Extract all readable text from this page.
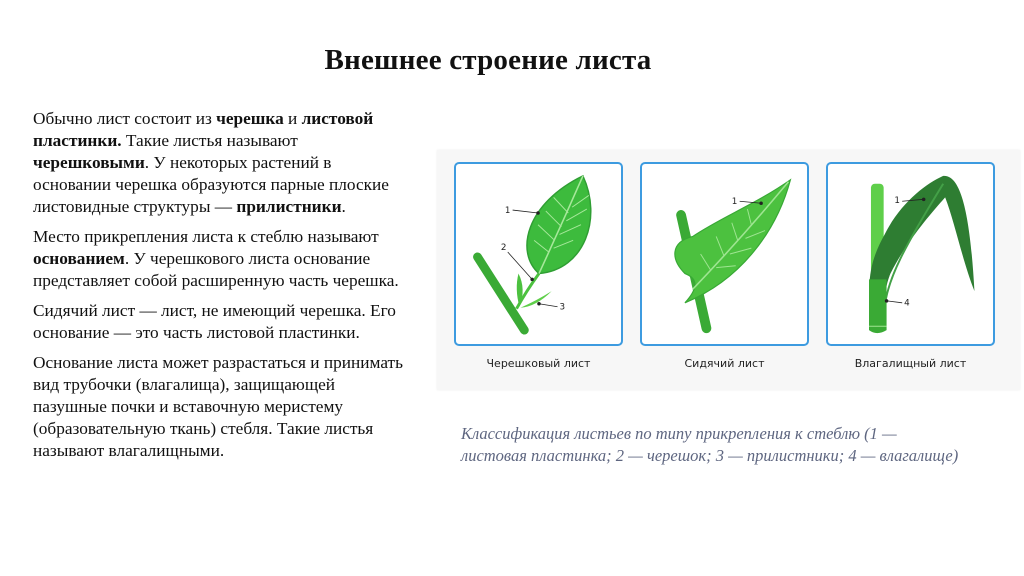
Внешнее строение листа

Обычно лист состоит из черешка и листовой пластинки. Такие листья называют черешковыми. У некоторых растений в основании черешка образуются парные плоские листовидные структуры — прилистники.

Место прикрепления листа к стеблю называют основанием. У черешкового листа основание представляет собой расширенную часть черешка.

Сидячий лист — лист, не имеющий черешка. Его основание — это часть листовой пластинки.

Основание листа может разрастаться и принимать вид трубочки (влагалища), защищающей пазушные почки и вставочную меристему (образовательную ткань) стебля. Такие листья называют влагалищными.

1
2
3
Черешковый лист
1
Сидячий лист
4
1
Влагалищный лист
Классификация листьев по типу прикрепления к стеблю (1 — листовая пластинка; 2 — черешок; 3 — прилистники; 4 — влагалище)
